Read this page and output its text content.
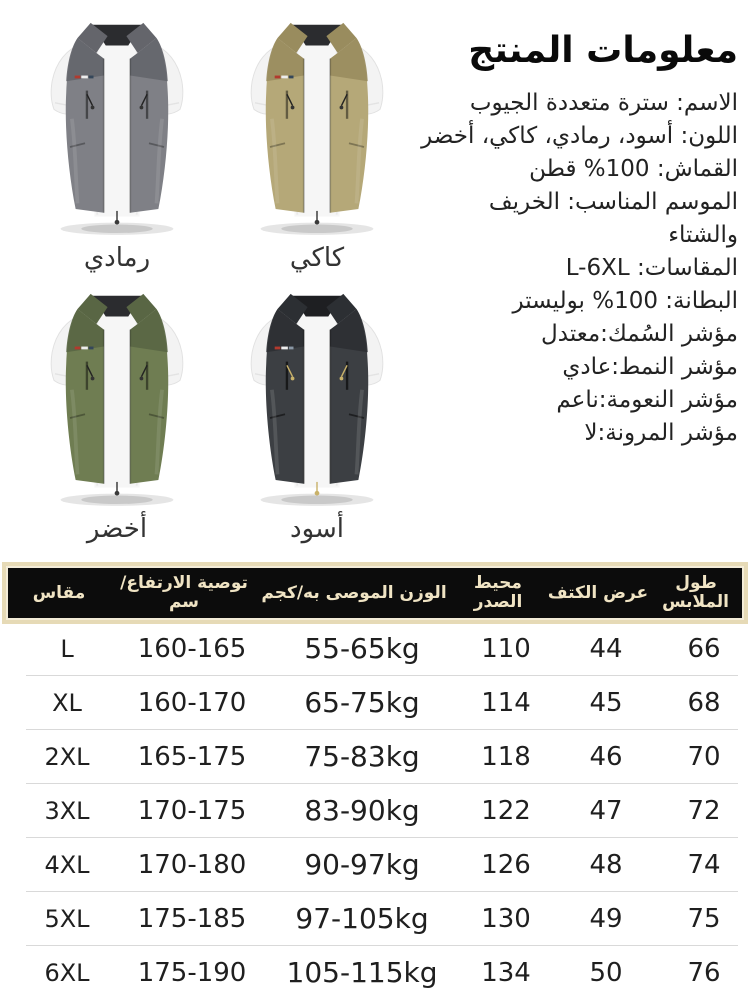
معلومات المنتج
الاسم: سترة متعددة الجيوب
اللون: أسود، رمادي، كاكي، أخضر
القماش: 100% قطن
الموسم المناسب: الخريف والشتاء
المقاسات: L-6XL
البطانة: 100% بوليستر
مؤشر السُمك:معتدل
مؤشر النمط:عادي
مؤشر النعومة:ناعم
مؤشر المرونة:لا
رمادي	كاكي
أخضر	أسود
طول الملابس
عرض الكتف
محيط الصدر
الوزن الموصى به/كجم
توصية الارتفاع/سم
مقاس
66
44
110
55-65kg
160-165
L
68
45
114
65-75kg
160-170
XL
70
46
118
75-83kg
165-175
2XL
72
47
122
83-90kg
170-175
3XL
74
48
126
90-97kg
170-180
4XL
75
49
130
97-105kg
175-185
5XL
76
50
134
105-115kg
175-190
6XL
